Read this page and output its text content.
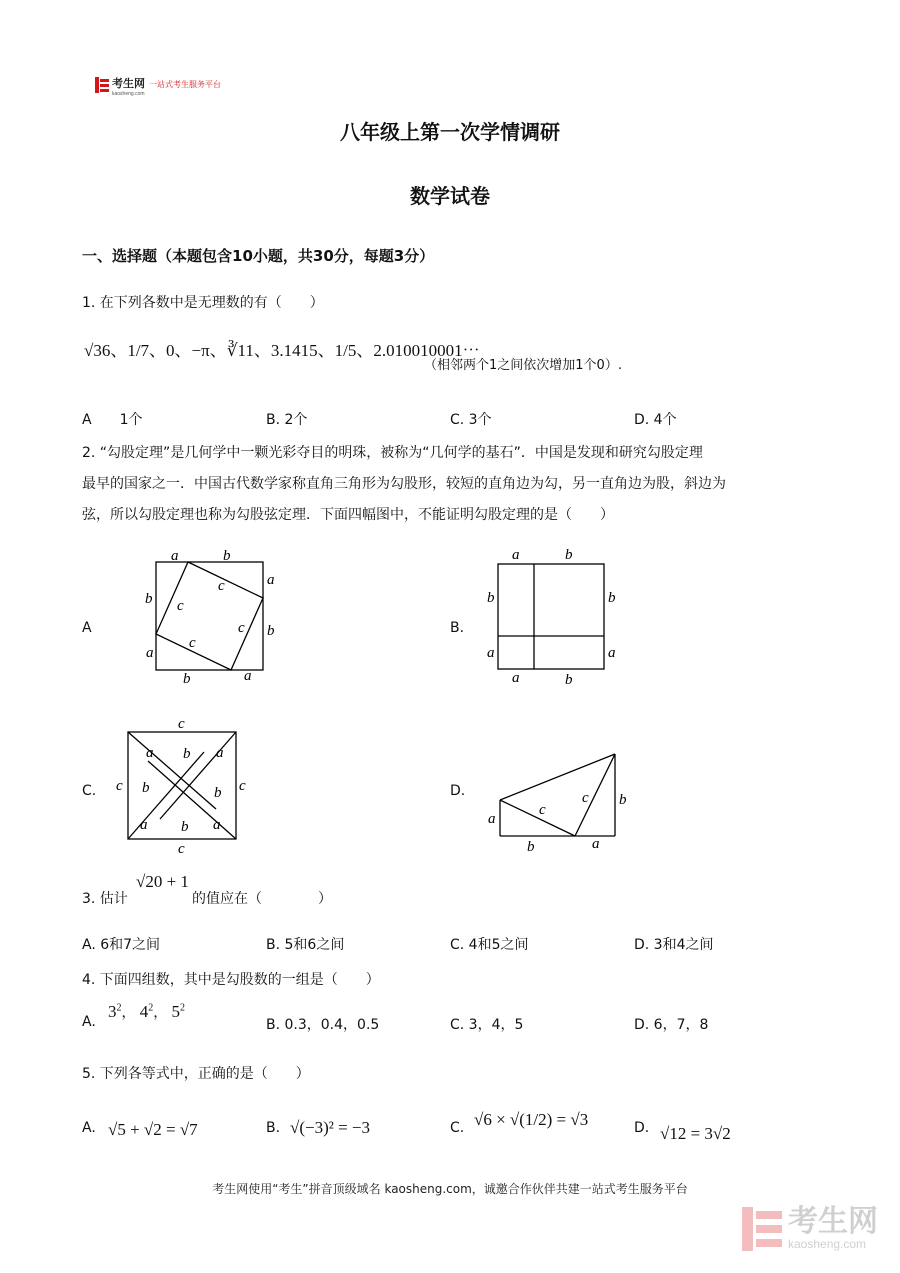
考生网
kaosheng.com
一站式考生服务平台
八年级上第一次学情调研
数学试卷
一、选择题（本题包含10小题，共30分，每题3分）
1. 在下列各数中是无理数的有（　　）
√36、1/7、0、−π、∛11、3.1415、1/5、2.010010001⋯
（相邻两个1之间依次增加1个0）.
A　　1个	B. 2个	C. 3个	D. 4个
2. “勾股定理”是几何学中一颗光彩夺目的明珠，被称为“几何学的基石”．中国是发现和研究勾股定理
最早的国家之一．中国古代数学家称直角三角形为勾股形，较短的直角边为勾，另一直角边为股，斜边为
弦，所以勾股定理也称为勾股弦定理．下面四幅图中，不能证明勾股定理的是（　　）
A	B.
C.	D.
a	b
a
b
b	a
b
a
c
c
c
c
a	b
b
a
b
a
a	b
c
c
c	c
a b a
b	b
a b a	a
c
c b
b	a
3. 估计
√20 + 1
的值应在（　　　　）
A. 6和7之间	B. 5和6之间	C. 4和5之间	D. 3和4之间
4. 下面四组数，其中是勾股数的一组是（　　）
A.
$3^2$， $4^2$， $5^2$
B. 0.3，0.4，0.5	C. 3，4，5	D. 6，7，8
5. 下列各等式中，正确的是（　　）
A. √5 + √2 = √7	B. √(−3)² = −3	C. √6 × √(1/2) = √3	D. √12 = 3√2
考生网使用“考生”拼音顶级域名 kaosheng.com，诚邀合作伙伴共建一站式考生服务平台
考生网
kaosheng.com
